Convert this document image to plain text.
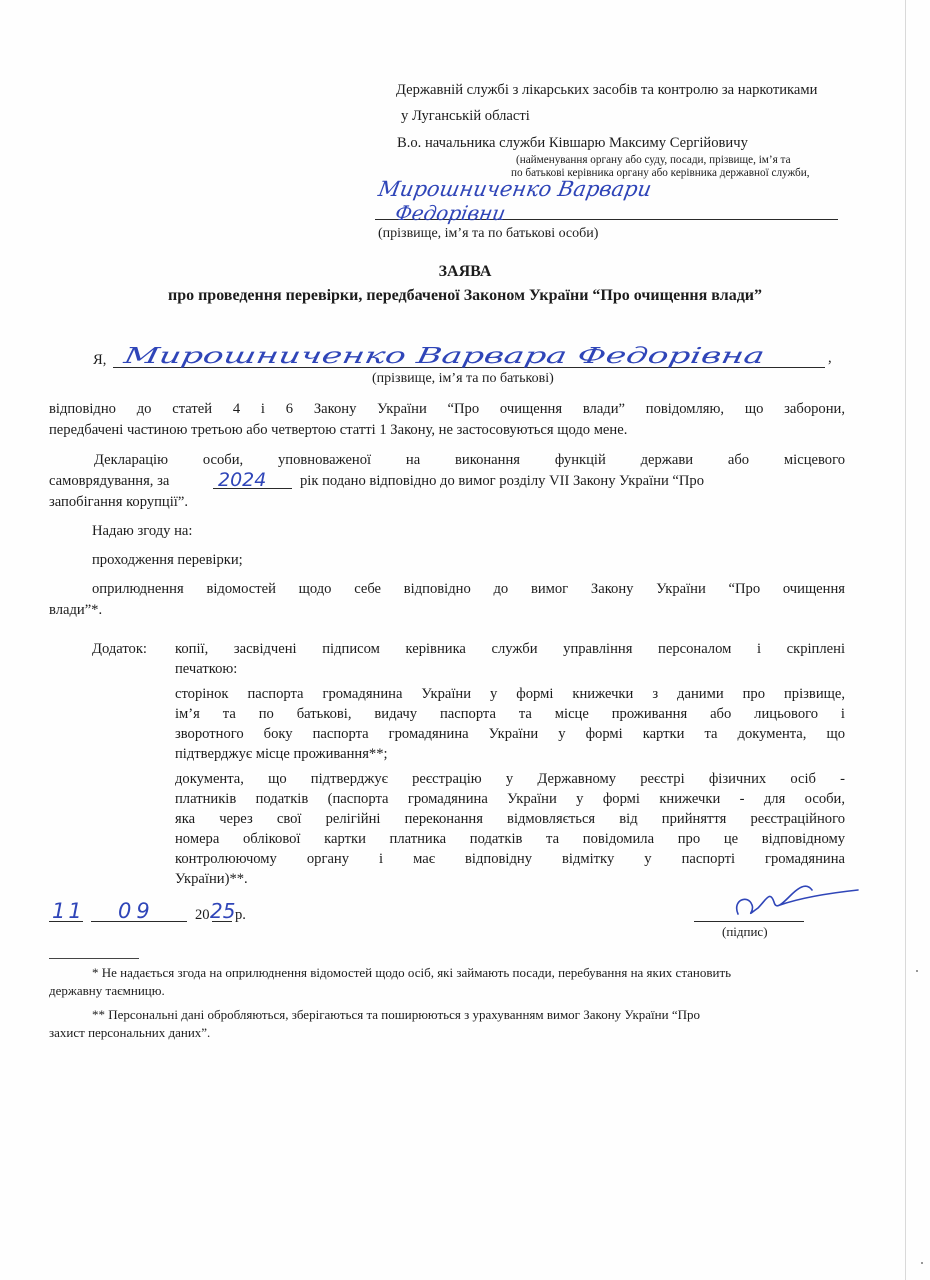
Державній службі з лікарських засобів та контролю за наркотиками
у Луганській області
В.о. начальника служби Ківшарю Максиму Сергійовичу
(найменування органу або суду, посади, прізвище, ім’я та
по батькові керівника органу або керівника державної служби,
(прізвище, ім’я та по батькові особи)
ЗАЯВА
про проведення перевірки, передбаченої Законом України “Про очищення влади”
Я,	,
(прізвище, ім’я та по батькові)
відповідно до статей 4 і 6 Закону України “Про очищення влади” повідомляю, що заборони,
передбачені частиною третьою або четвертою статті 1 Закону, не застосовуються щодо мене.
Декларацію особи, уповноваженої на виконання функцій держави або місцевого
самоврядування, за	рік подано відповідно до вимог розділу VII Закону України “Про
запобігання корупції”.
Надаю згоду на:
проходження перевірки;
оприлюднення відомостей щодо себе відповідно до вимог Закону України “Про очищення
влади”*.
Додаток: копії, засвідчені підписом керівника служби управління персоналом і скріплені
печаткою:
сторінок паспорта громадянина України у формі книжечки з даними про прізвище,
ім’я та по батькові, видачу паспорта та місце проживання або лицьового і
зворотного боку паспорта громадянина України у формі картки та документа, що
підтверджує місце проживання**;
документа, що підтверджує реєстрацію у Державному реєстрі фізичних осіб -
платників податків (паспорта громадянина України у формі книжечки - для особи,
яка через свої релігійні переконання відмовляється від прийняття реєстраційного
номера облікової картки платника податків та повідомила про це відповідному
контролюючому органу і має відповідну відмітку у паспорті громадянина
України)**.
20 р.
(підпис)
* Не надається згода на оприлюднення відомостей щодо осіб, які займають посади, перебування на яких становить
державну таємницю.
** Персональні дані обробляються, зберігаються та поширюються з урахуванням вимог Закону України “Про
захист персональних даних”.
Мирошниченко Варвари
Федорівни
Мирошниченко Варвара Федорівна
2024
11 09	25
